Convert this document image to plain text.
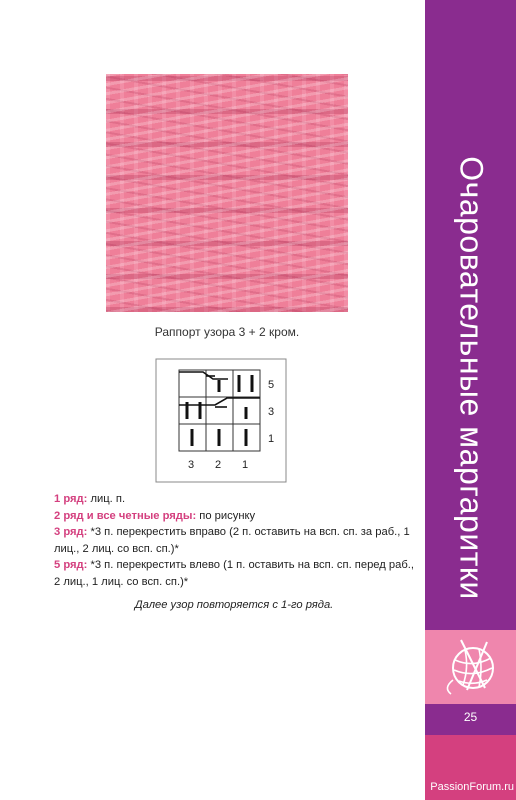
Раппорт узора 3 + 2 кром.
5
3
1
3 2 1

1 ряд: лиц. п.

2 ряд и все четные ряды: по рисунку

3 ряд: *3 п. перекрестить вправо (2 п. оставить на всп. сп. за раб., 1 лиц., 2 лиц. со всп. сп.)*

5 ряд: *3 п. перекрестить влево (1 п. оставить на всп. сп. перед раб., 2 лиц., 1 лиц. со всп. сп.)*

Далее узор повторяется с 1-го ряда.
Очаровательные маргаритки
25
PassionForum.ru
